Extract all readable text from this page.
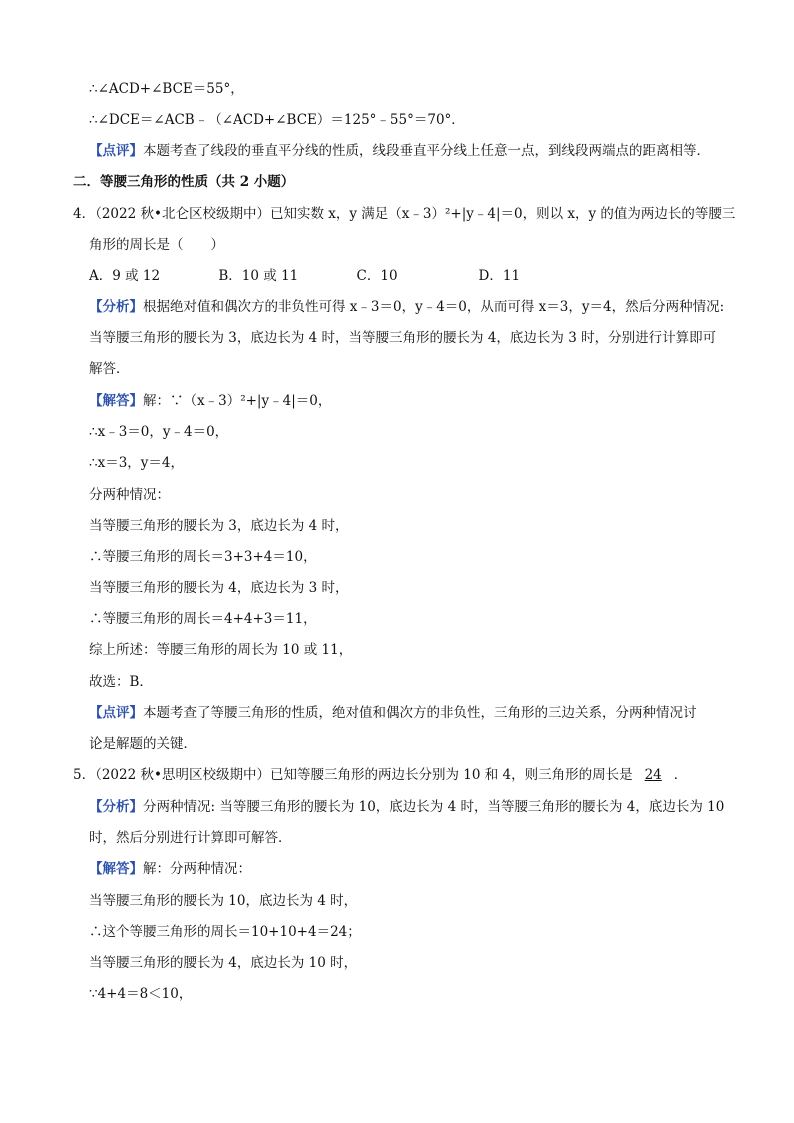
∴∠ACD+∠BCE＝55°，
∴∠DCE＝∠ACB﹣（∠ACD+∠BCE）＝125°﹣55°＝70°．
【点评】本题考查了线段的垂直平分线的性质，线段垂直平分线上任意一点，到线段两端点的距离相等．
二．等腰三角形的性质（共 2 小题）
4．（2022 秋•北仑区校级期中）已知实数 x，y 满足（x﹣3）²+|y﹣4|＝0，则以 x，y 的值为两边长的等腰三
角形的周长是（　　）
A．9 或 12　　　　 B．10 或 11　　　　 C．10　　　　　　D．11
【分析】根据绝对值和偶次方的非负性可得 x﹣3＝0，y﹣4＝0，从而可得 x＝3，y＝4，然后分两种情况:
当等腰三角形的腰长为 3，底边长为 4 时，当等腰三角形的腰长为 4，底边长为 3 时，分别进行计算即可
解答．
【解答】解：∵（x﹣3）²+|y﹣4|＝0，
∴x﹣3＝0，y﹣4＝0，
∴x＝3，y＝4，
分两种情况：
当等腰三角形的腰长为 3，底边长为 4 时，
∴等腰三角形的周长＝3+3+4＝10，
当等腰三角形的腰长为 4，底边长为 3 时，
∴等腰三角形的周长＝4+4+3＝11，
综上所述：等腰三角形的周长为 10 或 11，
故选：B．
【点评】本题考查了等腰三角形的性质，绝对值和偶次方的非负性，三角形的三边关系，分两种情况讨
论是解题的关键．
5．（2022 秋•思明区校级期中）已知等腰三角形的两边长分别为 10 和 4，则三角形的周长是 24 ．
【分析】分两种情况: 当等腰三角形的腰长为 10，底边长为 4 时，当等腰三角形的腰长为 4，底边长为 10
时，然后分别进行计算即可解答．
【解答】解：分两种情况：
当等腰三角形的腰长为 10，底边长为 4 时，
∴这个等腰三角形的周长＝10+10+4＝24；
当等腰三角形的腰长为 4，底边长为 10 时，
∵4+4＝8＜10，
